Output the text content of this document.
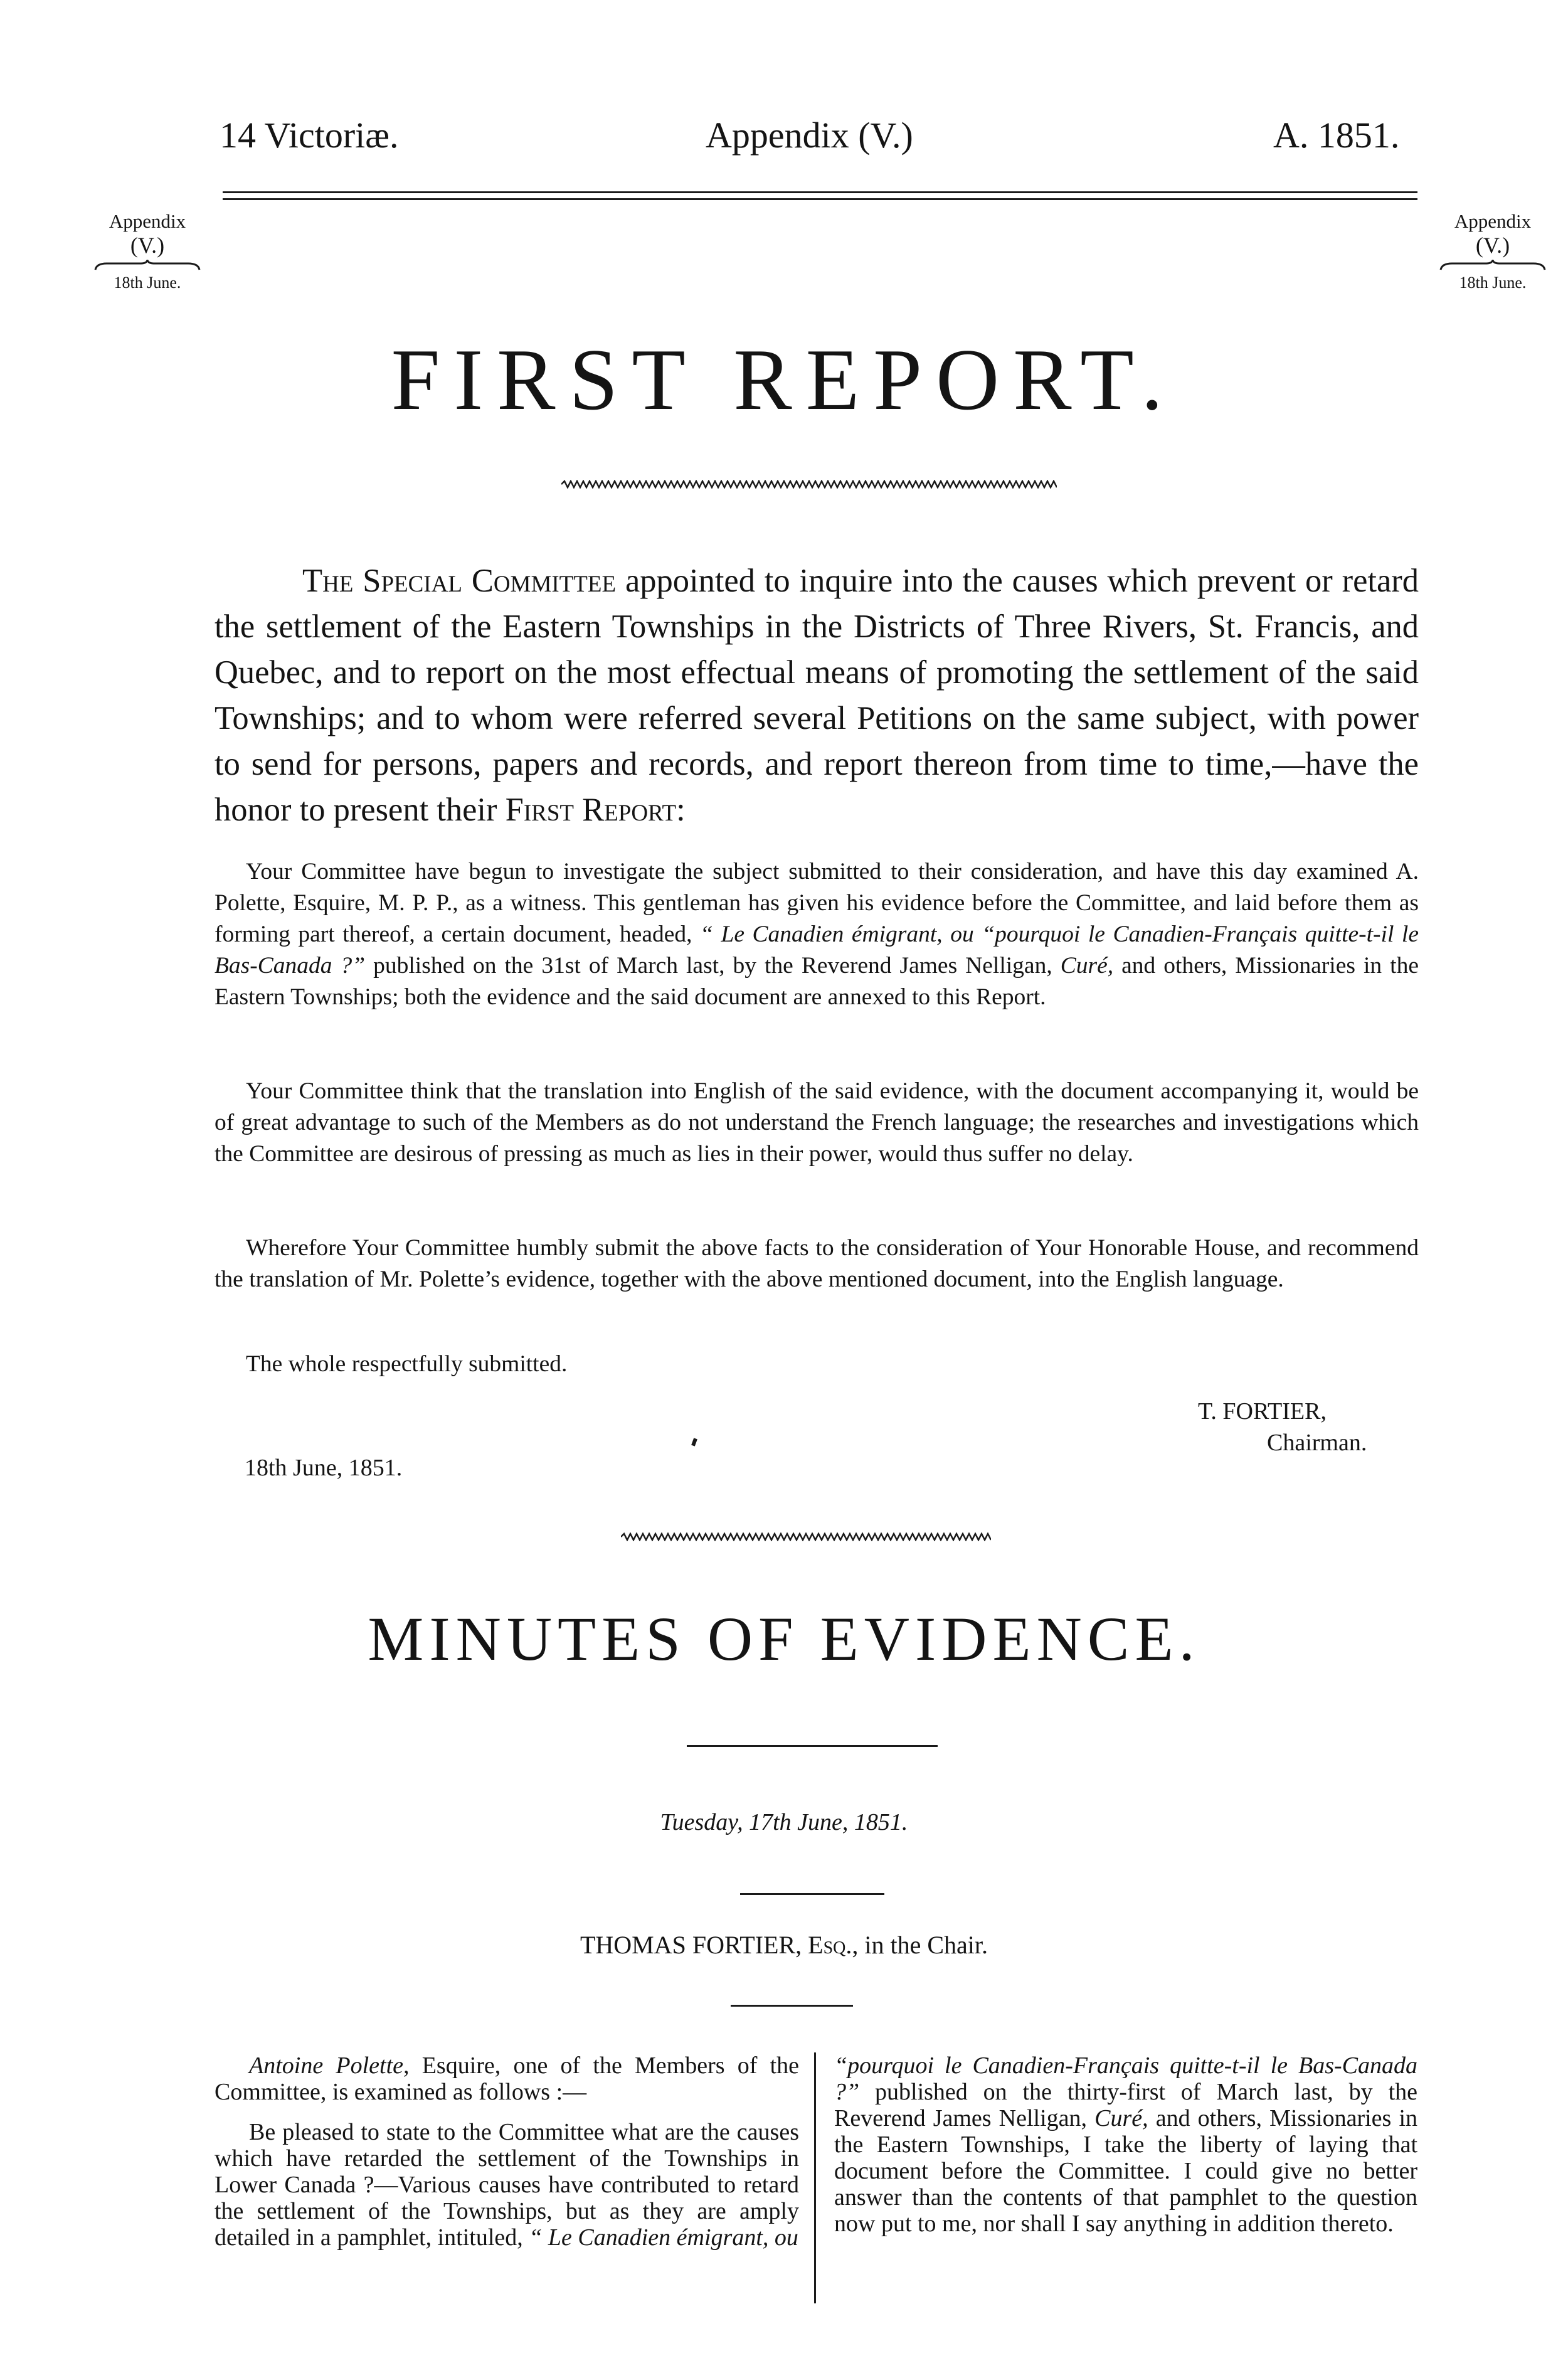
14 Victoriæ.	Appendix (V.)	A. 1851.
Appendix
(V.)
18th June.
Appendix
(V.)
18th June.
FIRST REPORT.

The Special Committee appointed to inquire into the causes which prevent or retard the settlement of the Eastern Townships in the Districts of Three Rivers, St. Francis, and Quebec, and to report on the most effectual means of promoting the settlement of the said Townships; and to whom were referred several Petitions on the same subject, with power to send for persons, papers and records, and report thereon from time to time,—have the honor to present their First Report:

Your Committee have begun to investigate the subject submitted to their consideration, and have this day examined A. Polette, Esquire, M. P. P., as a witness. This gentleman has given his evidence before the Committee, and laid before them as forming part thereof, a certain document, headed, “ Le Canadien émigrant, ou “pourquoi le Canadien-Français quitte-t-il le Bas-Canada ?” published on the 31st of March last, by the Reverend James Nelligan, Curé, and others, Missionaries in the Eastern Townships; both the evidence and the said document are annexed to this Report.

Your Committee think that the translation into English of the said evidence, with the document accompanying it, would be of great advantage to such of the Members as do not understand the French language; the researches and investigations which the Committee are desirous of pressing as much as lies in their power, would thus suffer no delay.

Wherefore Your Committee humbly submit the above facts to the consideration of Your Honorable House, and recommend the translation of Mr. Polette’s evidence, together with the above mentioned document, into the English language.

The whole respectfully submitted.

T. FORTIER,
Chairman.
18th June, 1851.
MINUTES OF EVIDENCE.
Tuesday, 17th June, 1851.
THOMAS FORTIER, Esq., in the Chair.

Antoine Polette, Esquire, one of the Members of the Committee, is examined as follows :—

Be pleased to state to the Committee what are the causes which have retarded the settlement of the Townships in Lower Canada ?—Various causes have contributed to retard the settlement of the Townships, but as they are amply detailed in a pamphlet, intituled, “ Le Canadien émigrant, ou

“pourquoi le Canadien-Français quitte-t-il le Bas-Canada ?” published on the thirty-first of March last, by the Reverend James Nelligan, Curé, and others, Missionaries in the Eastern Townships, I take the liberty of laying that document before the Committee. I could give no better answer than the contents of that pamphlet to the question now put to me, nor shall I say anything in addition thereto.
